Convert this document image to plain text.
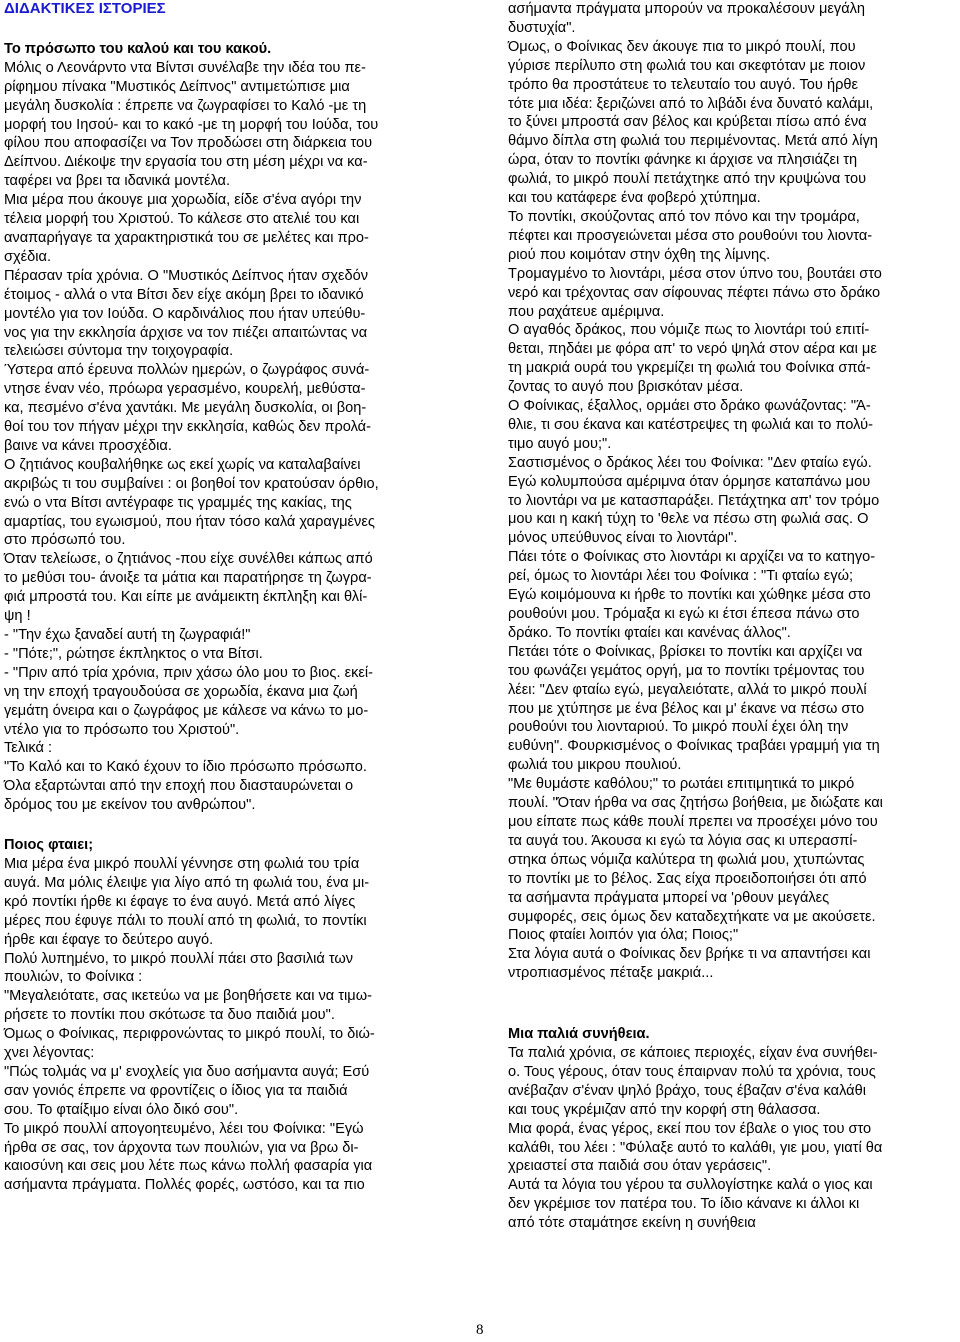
ΔΙΔΑΚΤΙΚΕΣ ΙΣΤΟΡΙΕΣ

Το πρόσωπο του καλού και του κακού.

Μόλις ο Λεονάρντο ντα Βίντσι συνέλαβε την ιδέα του πε-

ρίφημου πίνακα "Μυστικός Δείπνος" αντιμετώπισε μια

μεγάλη δυσκολία : έπρεπε να ζωγραφίσει το Καλό -με τη

μορφή του Ιησού- και το κακό -με τη μορφή του Ιούδα, του

φίλου που αποφασίζει να Τον προδώσει στη διάρκεια του

Δείπνου. Διέκοψε την εργασία του στη μέση μέχρι να κα-

ταφέρει να βρει τα ιδανικά μοντέλα.

Μια μέρα που άκουγε μια χορωδία, είδε σ'ένα αγόρι την

τέλεια μορφή του Χριστού. Το κάλεσε στο ατελιέ του και

αναπαρήγαγε τα χαρακτηριστικά του σε μελέτες και προ-

σχέδια.

Πέρασαν τρία χρόνια. Ο "Μυστικός Δείπνος ήταν σχεδόν

έτοιμος - αλλά ο ντα Βίτσι δεν είχε ακόμη βρει το ιδανικό

μοντέλο για τον Ιούδα. Ο καρδινάλιος που ήταν υπεύθυ-

νος για την εκκλησία άρχισε να τον πιέζει απαιτώντας να

τελειώσει σύντομα την τοιχογραφία.

Ύστερα από έρευνα πολλών ημερών, ο ζωγράφος συνά-

ντησε έναν νέο, πρόωρα γερασμένο, κουρελή, μεθύστα-

κα, πεσμένο σ'ένα χαντάκι. Με μεγάλη δυσκολία, οι βοη-

θοί του τον πήγαν μέχρι την εκκλησία, καθώς δεν προλά-

βαινε να κάνει προσχέδια.

Ο ζητιάνος κουβαλήθηκε ως εκεί χωρίς να καταλαβαίνει

ακριβώς τι του συμβαίνει : οι βοηθοί τον κρατούσαν όρθιο,

ενώ ο ντα Βίτσι αντέγραφε τις γραμμές της κακίας, της

αμαρτίας, του εγωισμού, που ήταν τόσο καλά χαραγμένες

στο πρόσωπό του.

Όταν τελείωσε, ο ζητιάνος -που είχε συνέλθει κάπως από

το μεθύσι του- άνοιξε τα μάτια και παρατήρησε τη ζωγρα-

φιά μπροστά του. Και είπε με ανάμεικτη έκπληξη και θλί-

ψη !

- "Την έχω ξαναδεί αυτή τη ζωγραφιά!"

- "Πότε;", ρώτησε έκπληκτος ο ντα Βίτσι.

- "Πριν από τρία χρόνια, πριν χάσω όλο μου το βιος. εκεί-

νη την εποχή τραγουδούσα σε χορωδία, έκανα μια ζωή

γεμάτη όνειρα και ο ζωγράφος με κάλεσε να κάνω το μο-

ντέλο για το πρόσωπο του Χριστού".

Τελικά :

"Το Καλό και το Κακό έχουν το ίδιο πρόσωπο πρόσωπο.

Όλα εξαρτώνται από την εποχή που διασταυρώνεται ο

δρόμος του με εκείνον του ανθρώπου".

Ποιος φταιει;

Μια μέρα ένα μικρό πουλλί γέννησε στη φωλιά του τρία

αυγά. Μα μόλις έλειψε για λίγο από τη φωλιά του, ένα μι-

κρό ποντίκι ήρθε κι έφαγε το ένα αυγό. Μετά από λίγες

μέρες που έφυγε πάλι το πουλί από τη φωλιά, το ποντίκι

ήρθε και έφαγε το δεύτερο αυγό.

Πολύ λυπημένο, το μικρό πουλλί πάει στο βασιλιά των

πουλιών, το Φοίνικα :

"Μεγαλειότατε, σας ικετεύω να με βοηθήσετε και να τιμω-

ρήσετε το ποντίκι που σκότωσε τα δυο παιδιά μου".

Όμως ο Φοίνικας, περιφρονώντας το μικρό πουλί, το διώ-

χνει λέγοντας:

"Πώς τολμάς να μ' ενοχλείς για δυο ασήμαντα αυγά; Εσύ

σαν γονιός έπρεπε να φροντίζεις ο ίδιος για τα παιδιά

σου. Το φταίξιμο είναι όλο δικό σου".

Το μικρό πουλλί απογοητευμένο, λέει του Φοίνικα: "Εγώ

ήρθα σε σας, τον άρχοντα των πουλιών, για να βρω δι-

καιοσύνη και σεις μου λέτε πως κάνω πολλή φασαρία για

ασήμαντα πράγματα. Πολλές φορές, ωστόσο, και τα πιο

ασήμαντα πράγματα μπορούν να προκαλέσουν μεγάλη

δυστυχία".

Όμως, ο Φοίνικας δεν άκουγε πια το μικρό πουλί, που

γύρισε περίλυπο στη φωλιά του και σκεφτόταν με ποιον

τρόπο θα προστάτευε το τελευταίο του αυγό. Του ήρθε

τότε μια ιδέα: ξεριζώνει από το λιβάδι ένα δυνατό καλάμι,

το ξύνει μπροστά σαν βέλος και κρύβεται πίσω από ένα

θάμνο δίπλα στη φωλιά του περιμένοντας. Μετά από λίγη

ώρα, όταν το ποντίκι φάνηκε κι άρχισε να πλησιάζει τη

φωλιά, το μικρό πουλί πετάχτηκε από την κρυψώνα του

και του κατάφερε ένα φοβερό χτύπημα.

Το ποντίκι, σκούζοντας από τον πόνο και την τρομάρα,

πέφτει και προσγειώνεται μέσα στο ρουθούνι του λιοντα-

ριού που κοιμόταν στην όχθη της λίμνης.

Τρομαγμένο το λιοντάρι, μέσα στον ύπνο του, βουτάει στο

νερό και τρέχοντας σαν σίφουνας πέφτει πάνω στο δράκο

που ραχάτευε αμέριμνα.

Ο αγαθός δράκος, που νόμιζε πως το λιοντάρι τού επιτί-

θεται, πηδάει με φόρα απ' το νερό ψηλά στον αέρα και με

τη μακριά ουρά του γκρεμίζει τη φωλιά του Φοίνικα σπά-

ζοντας το αυγό που βρισκόταν μέσα.

Ο Φοίνικας, έξαλλος, ορμάει στο δράκο φωνάζοντας: "Ά-

θλιε, τι σου έκανα και κατέστρεψες τη φωλιά και το πολύ-

τιμο αυγό μου;".

Σαστισμένος ο δράκος λέει του Φοίνικα: "Δεν φταίω εγώ.

Εγώ κολυμπούσα αμέριμνα όταν όρμησε καταπάνω μου

το λιοντάρι να με κατασπαράξει. Πετάχτηκα απ' τον τρόμο

μου και η κακή τύχη το 'θελε να πέσω στη φωλιά σας. Ο

μόνος υπεύθυνος είναι το λιοντάρι".

Πάει τότε ο Φοίνικας στο λιοντάρι κι αρχίζει να το κατηγο-

ρεί, όμως το λιοντάρι λέει του Φοίνικα : "Τι φταίω εγώ;

Εγώ κοιμόμουνα κι ήρθε το ποντίκι και χώθηκε μέσα στο

ρουθούνι μου. Τρόμαξα κι εγώ κι έτσι έπεσα πάνω στο

δράκο. Το ποντίκι φταίει και κανένας άλλος".

Πετάει τότε ο Φοίνικας, βρίσκει το ποντίκι και αρχίζει να

του φωνάζει γεμάτος οργή, μα το ποντίκι τρέμοντας του

λέει: "Δεν φταίω εγώ, μεγαλειότατε, αλλά το μικρό πουλί

που με χτύπησε με ένα βέλος και μ' έκανε να πέσω στο

ρουθούνι του λιονταριού. Το μικρό πουλί έχει όλη την

ευθύνη". Φουρκισμένος ο Φοίνικας τραβάει γραμμή για τη

φωλιά του μικρου πουλιού.

"Με θυμάστε καθόλου;" το ρωτάει επιτιμητικά το μικρό

πουλί. "Όταν ήρθα να σας ζητήσω βοήθεια, με διώξατε και

μου είπατε πως κάθε πουλί πρεπει να προσέχει μόνο του

τα αυγά του. Άκουσα κι εγώ τα λόγια σας κι υπερασπί-

στηκα όπως νόμιζα καλύτερα τη φωλιά μου, χτυπώντας

το ποντίκι με το βέλος. Σας είχα προειδοποιήσει ότι από

τα ασήμαντα πράγματα μπορεί να 'ρθουν μεγάλες

συμφορές, σεις όμως δεν καταδεχτήκατε να με ακούσετε.

Ποιος φταίει λοιπόν για όλα; Ποιος;"

Στα λόγια αυτά ο Φοίνικας δεν βρήκε τι να απαντήσει και

ντροπιασμένος πέταξε μακριά...

Μια παλιά συνήθεια.

Τα παλιά χρόνια, σε κάποιες περιοχές, είχαν ένα συνήθει-

ο. Τους γέρους, όταν τους έπαιρναν πολύ τα χρόνια, τους

ανέβαζαν σ'έναν ψηλό βράχο, τους έβαζαν σ'ένα καλάθι

και τους γκρέμιζαν από την κορφή στη θάλασσα.

Μια φορά, ένας γέρος, εκεί που τον έβαλε ο γιος του στο

καλάθι, του λέει : "Φύλαξε αυτό το καλάθι, γιε μου, γιατί θα

χρειαστεί στα παιδιά σου όταν γεράσεις".

Αυτά τα λόγια του γέρου τα συλλογίστηκε καλά ο γιος και

δεν γκρέμισε τον πατέρα του. Το ίδιο κάνανε κι άλλοι κι

από τότε σταμάτησε εκείνη η συνήθεια

8
